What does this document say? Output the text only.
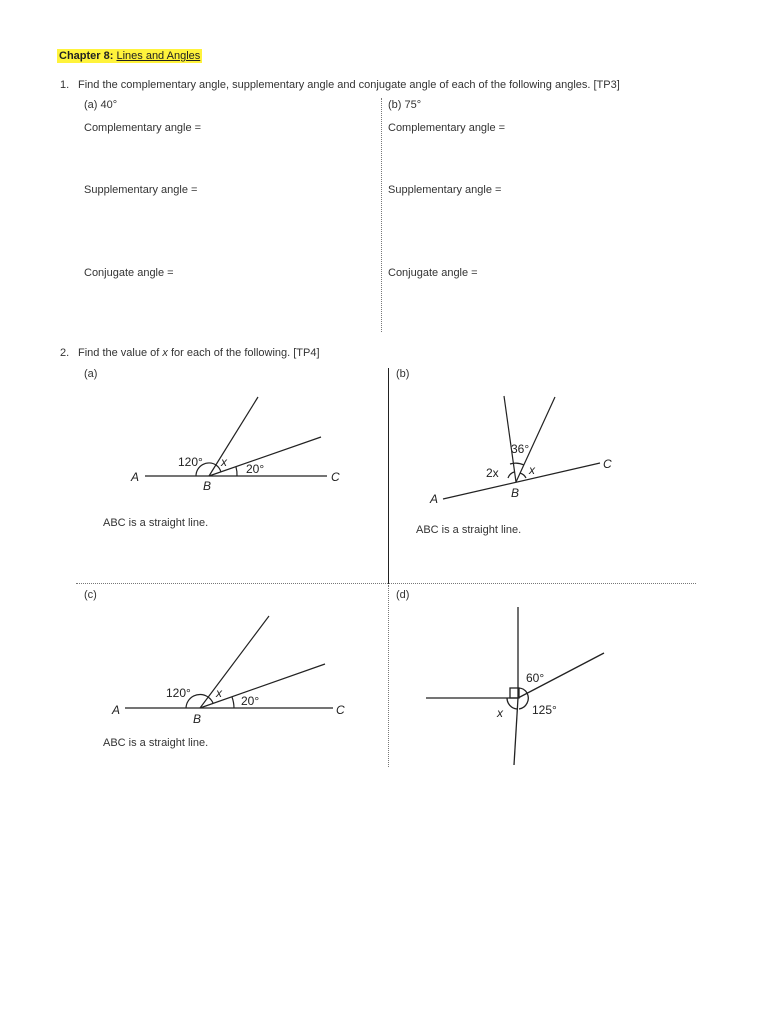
Chapter 8: Lines and Angles
1. Find the complementary angle, supplementary angle and conjugate angle of each of the following angles. [TP3]
(a) 40°
Complementary angle =
Supplementary angle =
Conjugate angle =
(b) 75°
Complementary angle =
Supplementary angle =
Conjugate angle =
2. Find the value of x for each of the following. [TP4]
(a)
120° x 20°
A
B
C
ABC is a straight line.
(b)
36°
2x	x
A	B
C
ABC is a straight line.
(c)
120° x
20°
A
B
C
ABC is a straight line.
(d)
60°
125°
x
